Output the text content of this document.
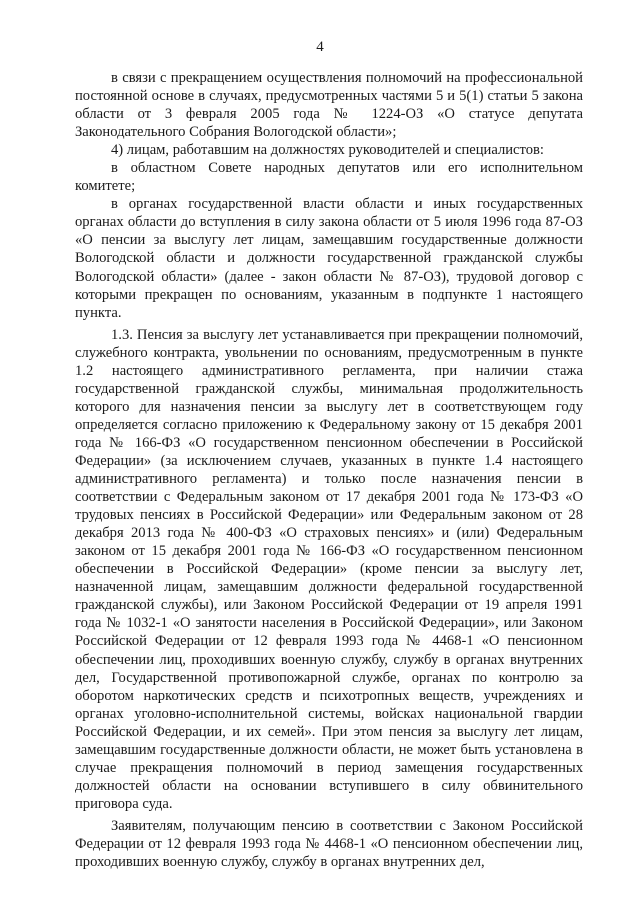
4
в связи с прекращением осуществления полномочий на профессиональной
постоянной основе в случаях, предусмотренных частями 5 и 5(1) статьи 5 закона
области от 3 февраля 2005 года № 1224-ОЗ «О статусе депутата
Законодательного Собрания Вологодской области»;
4) лицам, работавшим на должностях руководителей и специалистов:
в областном Совете народных депутатов или его исполнительном
комитете;
в органах государственной власти области и иных государственных
органах области до вступления в силу закона области от 5 июля 1996 года 87-ОЗ
«О пенсии за выслугу лет лицам, замещавшим государственные должности
Вологодской области и должности государственной гражданской службы
Вологодской области» (далее - закон области № 87-ОЗ), трудовой договор с
которыми прекращен по основаниям, указанным в подпункте 1 настоящего
пункта.
1.3. Пенсия за выслугу лет устанавливается при прекращении полномочий,
служебного контракта, увольнении по основаниям, предусмотренным в пункте
1.2 настоящего административного регламента, при наличии стажа
государственной гражданской службы, минимальная продолжительность
которого для назначения пенсии за выслугу лет в соответствующем году
определяется согласно приложению к Федеральному закону от 15 декабря 2001
года № 166-ФЗ «О государственном пенсионном обеспечении в Российской
Федерации» (за исключением случаев, указанных в пункте 1.4 настоящего
административного регламента) и только после назначения пенсии в
соответствии с Федеральным законом от 17 декабря 2001 года № 173-ФЗ «О
трудовых пенсиях в Российской Федерации» или Федеральным законом от 28
декабря 2013 года № 400-ФЗ «О страховых пенсиях» и (или) Федеральным
законом от 15 декабря 2001 года № 166-ФЗ «О государственном пенсионном
обеспечении в Российской Федерации» (кроме пенсии за выслугу лет,
назначенной лицам, замещавшим должности федеральной государственной
гражданской службы), или Законом Российской Федерации от 19 апреля 1991
года № 1032-1 «О занятости населения в Российской Федерации», или Законом
Российской Федерации от 12 февраля 1993 года № 4468-1 «О пенсионном
обеспечении лиц, проходивших военную службу, службу в органах внутренних
дел, Государственной противопожарной службе, органах по контролю за
оборотом наркотических средств и психотропных веществ, учреждениях и
органах уголовно-исполнительной системы, войсках национальной гвардии
Российской Федерации, и их семей». При этом пенсия за выслугу лет лицам,
замещавшим государственные должности области, не может быть установлена в
случае прекращения полномочий в период замещения государственных
должностей области на основании вступившего в силу обвинительного
приговора суда.
Заявителям, получающим пенсию в соответствии с Законом Российской
Федерации от 12 февраля 1993 года № 4468-1 «О пенсионном обеспечении лиц,
проходивших военную службу, службу в органах внутренних дел,
